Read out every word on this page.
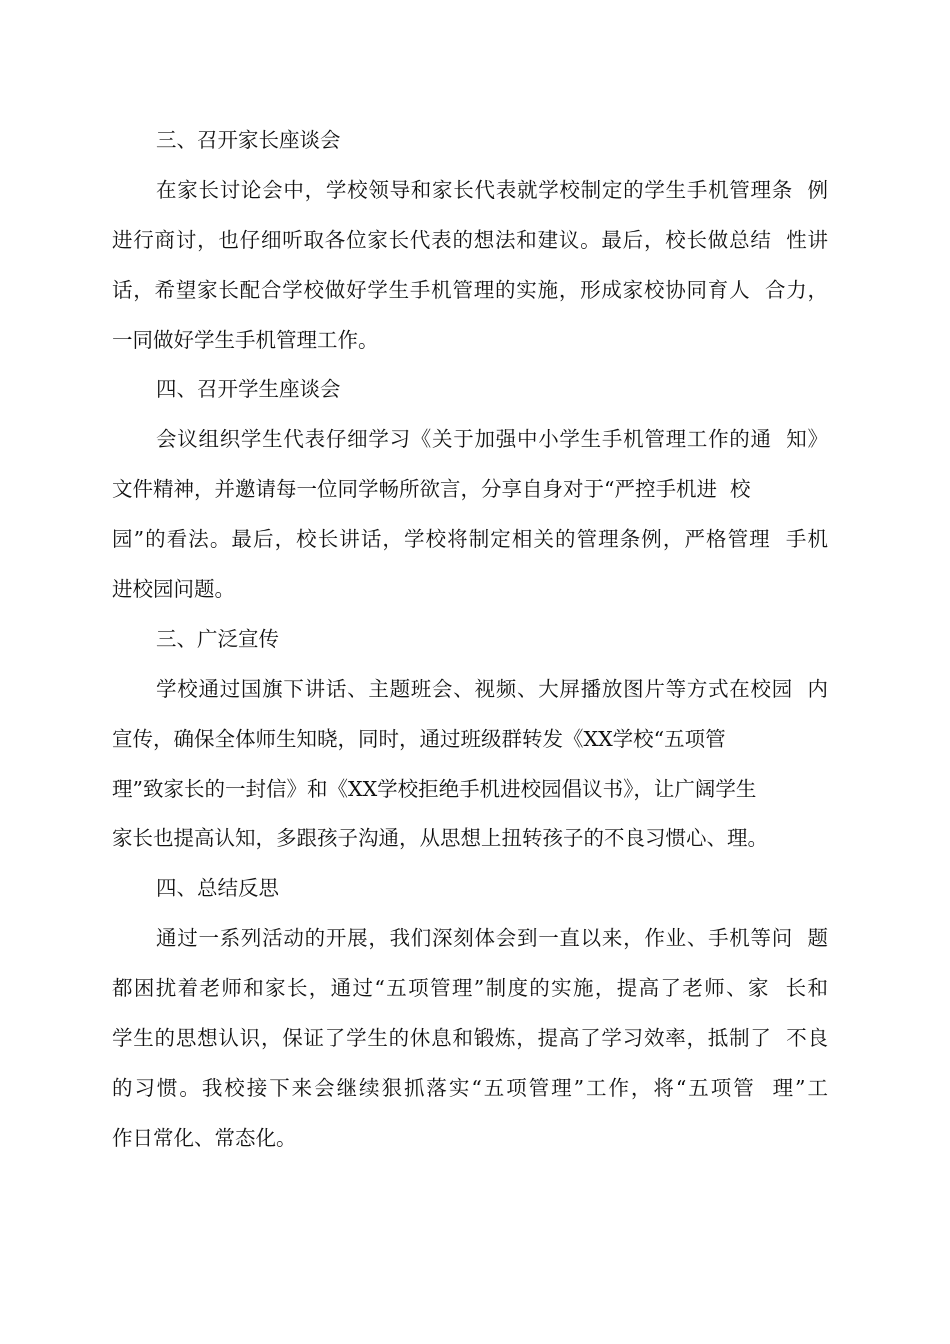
三、召开家长座谈会
在家长讨论会中，学校领导和家长代表就学校制定的学生手机管理条  例
进行商讨，也仔细听取各位家长代表的想法和建议。最后，校长做总结  性讲
话，希望家长配合学校做好学生手机管理的实施，形成家校协同育人  合力，
一同做好学生手机管理工作。
四、召开学生座谈会
会议组织学生代表仔细学习《关于加强中小学生手机管理工作的通  知》
文件精神，并邀请每一位同学畅所欲言，分享自身对于“严控手机进  校
园”的看法。最后，校长讲话，学校将制定相关的管理条例，严格管理  手机
进校园问题。
三、广泛宣传
学校通过国旗下讲话、主题班会、视频、大屏播放图片等方式在校园  内
宣传，确保全体师生知晓，同时，通过班级群转发《XX学校“五项管
理”致家长的一封信》和《XX学校拒绝手机进校园倡议书》，让广阔学生
家长也提高认知，多跟孩子沟通，从思想上扭转孩子的不良习惯心、理。
四、总结反思
通过一系列活动的开展，我们深刻体会到一直以来，作业、手机等问  题
都困扰着老师和家长，通过“五项管理”制度的实施，提高了老师、家  长和
学生的思想认识，保证了学生的休息和锻炼，提高了学习效率，抵制了  不良
的习惯。我校接下来会继续狠抓落实“五项管理”工作，将“五项管  理”工
作日常化、常态化。
